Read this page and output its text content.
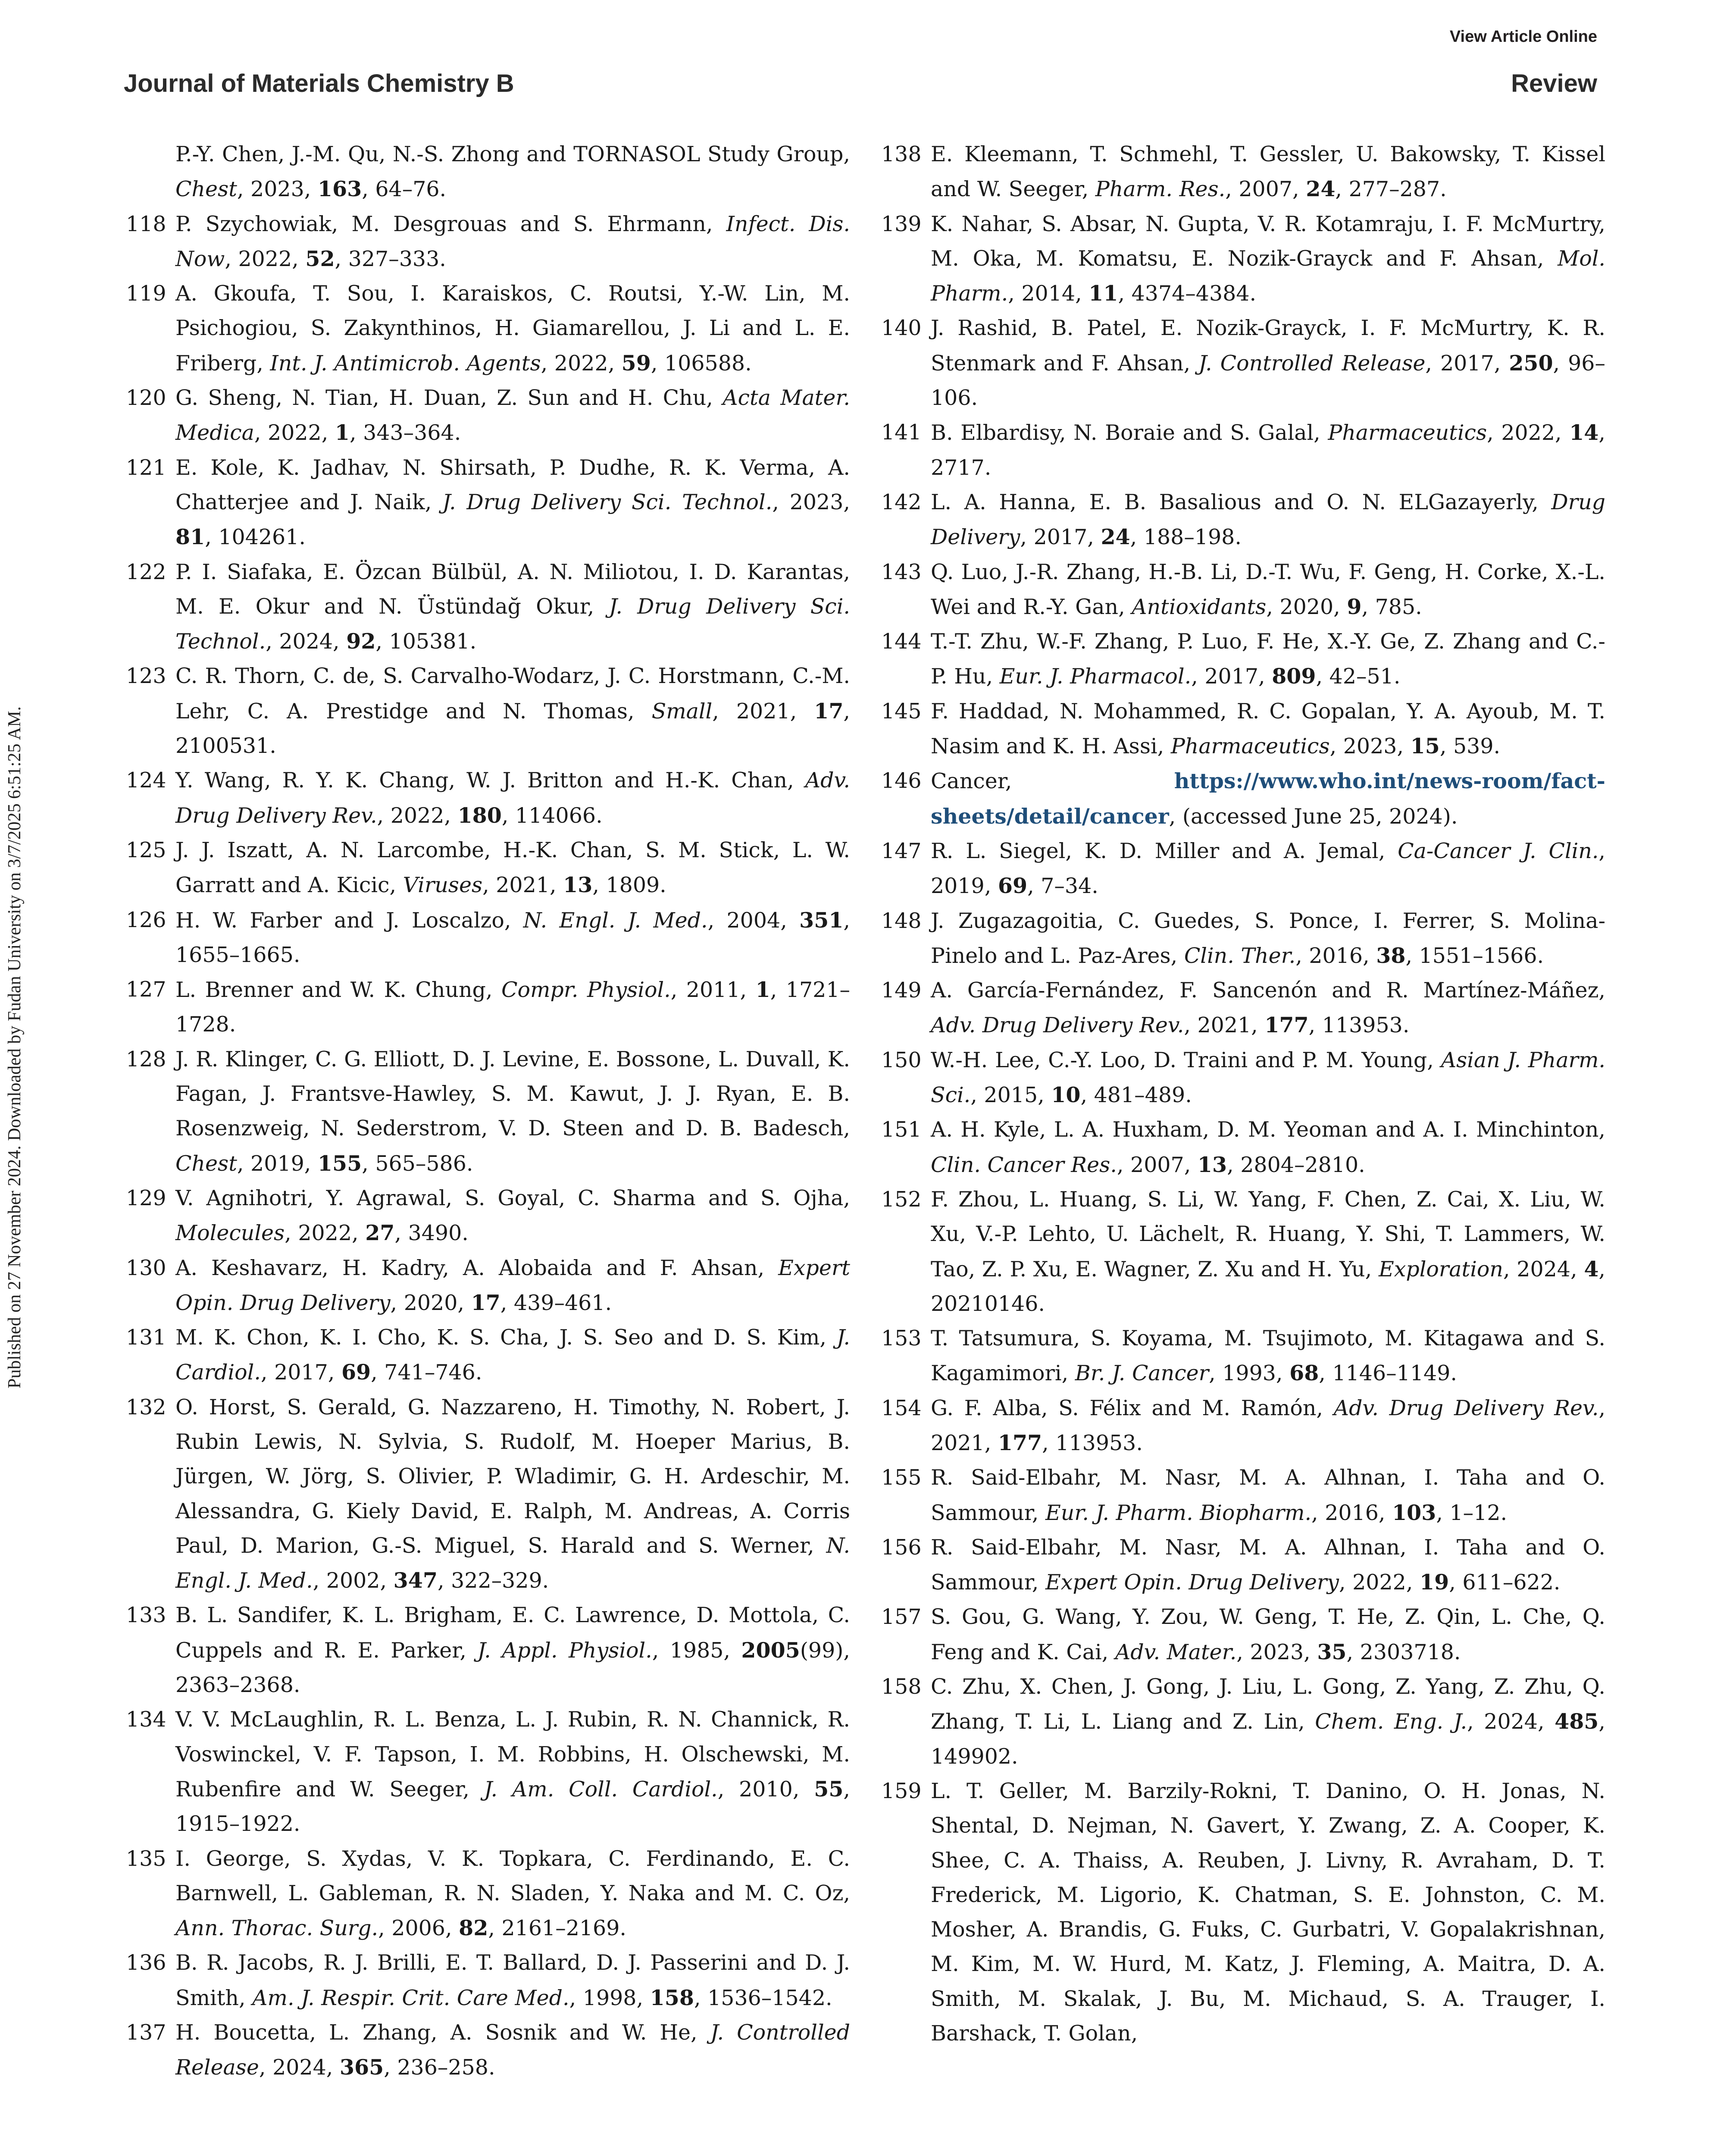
View Article Online
Journal of Materials Chemistry B	Review
Published on 27 November 2024. Downloaded by Fudan University on 3/7/2025 6:51:25 AM.
P.-Y. Chen, J.-M. Qu, N.-S. Zhong and TORNASOL Study Group, Chest, 2023, 163, 64–76.
118 P. Szychowiak, M. Desgrouas and S. Ehrmann, Infect. Dis. Now, 2022, 52, 327–333.
119 A. Gkoufa, T. Sou, I. Karaiskos, C. Routsi, Y.-W. Lin, M. Psichogiou, S. Zakynthinos, H. Giamarellou, J. Li and L. E. Friberg, Int. J. Antimicrob. Agents, 2022, 59, 106588.
120 G. Sheng, N. Tian, H. Duan, Z. Sun and H. Chu, Acta Mater. Medica, 2022, 1, 343–364.
121 E. Kole, K. Jadhav, N. Shirsath, P. Dudhe, R. K. Verma, A. Chatterjee and J. Naik, J. Drug Delivery Sci. Technol., 2023, 81, 104261.
122 P. I. Siafaka, E. Özcan Bülbül, A. N. Miliotou, I. D. Karantas, M. E. Okur and N. Üstündağ Okur, J. Drug Delivery Sci. Technol., 2024, 92, 105381.
123 C. R. Thorn, C. de, S. Carvalho-Wodarz, J. C. Horstmann, C.-M. Lehr, C. A. Prestidge and N. Thomas, Small, 2021, 17, 2100531.
124 Y. Wang, R. Y. K. Chang, W. J. Britton and H.-K. Chan, Adv. Drug Delivery Rev., 2022, 180, 114066.
125 J. J. Iszatt, A. N. Larcombe, H.-K. Chan, S. M. Stick, L. W. Garratt and A. Kicic, Viruses, 2021, 13, 1809.
126 H. W. Farber and J. Loscalzo, N. Engl. J. Med., 2004, 351, 1655–1665.
127 L. Brenner and W. K. Chung, Compr. Physiol., 2011, 1, 1721–1728.
128 J. R. Klinger, C. G. Elliott, D. J. Levine, E. Bossone, L. Duvall, K. Fagan, J. Frantsve-Hawley, S. M. Kawut, J. J. Ryan, E. B. Rosenzweig, N. Sederstrom, V. D. Steen and D. B. Badesch, Chest, 2019, 155, 565–586.
129 V. Agnihotri, Y. Agrawal, S. Goyal, C. Sharma and S. Ojha, Molecules, 2022, 27, 3490.
130 A. Keshavarz, H. Kadry, A. Alobaida and F. Ahsan, Expert Opin. Drug Delivery, 2020, 17, 439–461.
131 M. K. Chon, K. I. Cho, K. S. Cha, J. S. Seo and D. S. Kim, J. Cardiol., 2017, 69, 741–746.
132 O. Horst, S. Gerald, G. Nazzareno, H. Timothy, N. Robert, J. Rubin Lewis, N. Sylvia, S. Rudolf, M. Hoeper Marius, B. Jürgen, W. Jörg, S. Olivier, P. Wladimir, G. H. Ardeschir, M. Alessandra, G. Kiely David, E. Ralph, M. Andreas, A. Corris Paul, D. Marion, G.-S. Miguel, S. Harald and S. Werner, N. Engl. J. Med., 2002, 347, 322–329.
133 B. L. Sandifer, K. L. Brigham, E. C. Lawrence, D. Mottola, C. Cuppels and R. E. Parker, J. Appl. Physiol., 1985, 2005(99), 2363–2368.
134 V. V. McLaughlin, R. L. Benza, L. J. Rubin, R. N. Channick, R. Voswinckel, V. F. Tapson, I. M. Robbins, H. Olschewski, M. Rubenfire and W. Seeger, J. Am. Coll. Cardiol., 2010, 55, 1915–1922.
135 I. George, S. Xydas, V. K. Topkara, C. Ferdinando, E. C. Barnwell, L. Gableman, R. N. Sladen, Y. Naka and M. C. Oz, Ann. Thorac. Surg., 2006, 82, 2161–2169.
136 B. R. Jacobs, R. J. Brilli, E. T. Ballard, D. J. Passerini and D. J. Smith, Am. J. Respir. Crit. Care Med., 1998, 158, 1536–1542.
137 H. Boucetta, L. Zhang, A. Sosnik and W. He, J. Controlled Release, 2024, 365, 236–258.
138 E. Kleemann, T. Schmehl, T. Gessler, U. Bakowsky, T. Kissel and W. Seeger, Pharm. Res., 2007, 24, 277–287.
139 K. Nahar, S. Absar, N. Gupta, V. R. Kotamraju, I. F. McMurtry, M. Oka, M. Komatsu, E. Nozik-Grayck and F. Ahsan, Mol. Pharm., 2014, 11, 4374–4384.
140 J. Rashid, B. Patel, E. Nozik-Grayck, I. F. McMurtry, K. R. Stenmark and F. Ahsan, J. Controlled Release, 2017, 250, 96–106.
141 B. Elbardisy, N. Boraie and S. Galal, Pharmaceutics, 2022, 14, 2717.
142 L. A. Hanna, E. B. Basalious and O. N. ELGazayerly, Drug Delivery, 2017, 24, 188–198.
143 Q. Luo, J.-R. Zhang, H.-B. Li, D.-T. Wu, F. Geng, H. Corke, X.-L. Wei and R.-Y. Gan, Antioxidants, 2020, 9, 785.
144 T.-T. Zhu, W.-F. Zhang, P. Luo, F. He, X.-Y. Ge, Z. Zhang and C.-P. Hu, Eur. J. Pharmacol., 2017, 809, 42–51.
145 F. Haddad, N. Mohammed, R. C. Gopalan, Y. A. Ayoub, M. T. Nasim and K. H. Assi, Pharmaceutics, 2023, 15, 539.
146 Cancer, https://www.who.int/news-room/fact-sheets/detail/cancer, (accessed June 25, 2024).
147 R. L. Siegel, K. D. Miller and A. Jemal, Ca-Cancer J. Clin., 2019, 69, 7–34.
148 J. Zugazagoitia, C. Guedes, S. Ponce, I. Ferrer, S. Molina-Pinelo and L. Paz-Ares, Clin. Ther., 2016, 38, 1551–1566.
149 A. García-Fernández, F. Sancenón and R. Martínez-Máñez, Adv. Drug Delivery Rev., 2021, 177, 113953.
150 W.-H. Lee, C.-Y. Loo, D. Traini and P. M. Young, Asian J. Pharm. Sci., 2015, 10, 481–489.
151 A. H. Kyle, L. A. Huxham, D. M. Yeoman and A. I. Minchinton, Clin. Cancer Res., 2007, 13, 2804–2810.
152 F. Zhou, L. Huang, S. Li, W. Yang, F. Chen, Z. Cai, X. Liu, W. Xu, V.-P. Lehto, U. Lächelt, R. Huang, Y. Shi, T. Lammers, W. Tao, Z. P. Xu, E. Wagner, Z. Xu and H. Yu, Exploration, 2024, 4, 20210146.
153 T. Tatsumura, S. Koyama, M. Tsujimoto, M. Kitagawa and S. Kagamimori, Br. J. Cancer, 1993, 68, 1146–1149.
154 G. F. Alba, S. Félix and M. Ramón, Adv. Drug Delivery Rev., 2021, 177, 113953.
155 R. Said-Elbahr, M. Nasr, M. A. Alhnan, I. Taha and O. Sammour, Eur. J. Pharm. Biopharm., 2016, 103, 1–12.
156 R. Said-Elbahr, M. Nasr, M. A. Alhnan, I. Taha and O. Sammour, Expert Opin. Drug Delivery, 2022, 19, 611–622.
157 S. Gou, G. Wang, Y. Zou, W. Geng, T. He, Z. Qin, L. Che, Q. Feng and K. Cai, Adv. Mater., 2023, 35, 2303718.
158 C. Zhu, X. Chen, J. Gong, J. Liu, L. Gong, Z. Yang, Z. Zhu, Q. Zhang, T. Li, L. Liang and Z. Lin, Chem. Eng. J., 2024, 485, 149902.
159 L. T. Geller, M. Barzily-Rokni, T. Danino, O. H. Jonas, N. Shental, D. Nejman, N. Gavert, Y. Zwang, Z. A. Cooper, K. Shee, C. A. Thaiss, A. Reuben, J. Livny, R. Avraham, D. T. Frederick, M. Ligorio, K. Chatman, S. E. Johnston, C. M. Mosher, A. Brandis, G. Fuks, C. Gurbatri, V. Gopalakrishnan, M. Kim, M. W. Hurd, M. Katz, J. Fleming, A. Maitra, D. A. Smith, M. Skalak, J. Bu, M. Michaud, S. A. Trauger, I. Barshack, T. Golan,
